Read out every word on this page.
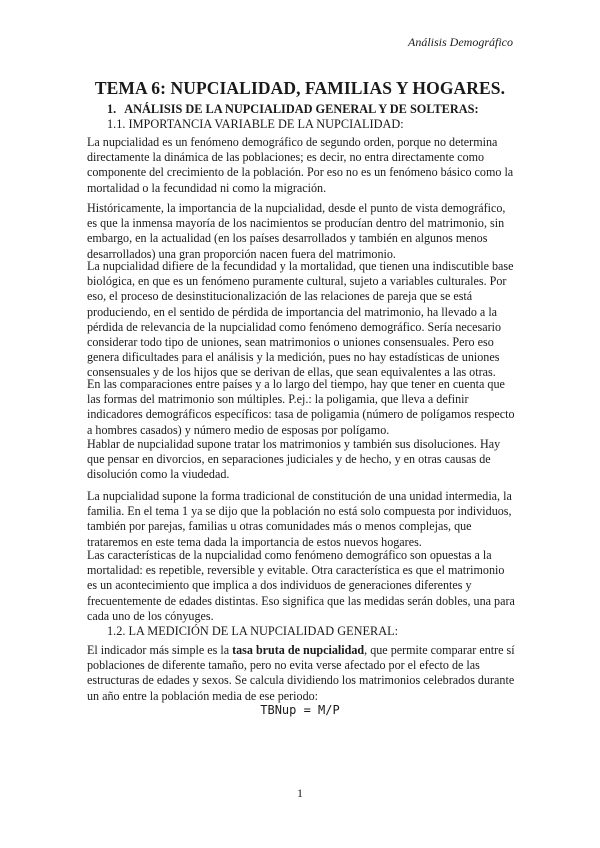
Análisis Demográfico
TEMA 6: NUPCIALIDAD, FAMILIAS Y HOGARES.
1. ANÁLISIS DE LA NUPCIALIDAD GENERAL Y DE SOLTERAS:
1.1. IMPORTANCIA VARIABLE DE LA NUPCIALIDAD:

La nupcialidad es un fenómeno demográfico de segundo orden, porque no determina directamente la dinámica de las poblaciones; es decir, no entra directamente como componente del crecimiento de la población. Por eso no es un fenómeno básico como la mortalidad o la fecundidad ni como la migración.

Históricamente, la importancia de la nupcialidad, desde el punto de vista demográfico, es que la inmensa mayoría de los nacimientos se producían dentro del matrimonio, sin embargo, en la actualidad (en los países desarrollados y también en algunos menos desarrollados) una gran proporción nacen fuera del matrimonio.

La nupcialidad difiere de la fecundidad y la mortalidad, que tienen una indiscutible base biológica, en que es un fenómeno puramente cultural, sujeto a variables culturales. Por eso, el proceso de desinstitucionalización de las relaciones de pareja que se está produciendo, en el sentido de pérdida de importancia del matrimonio, ha llevado a la pérdida de relevancia de la nupcialidad como fenómeno demográfico. Sería necesario considerar todo tipo de uniones, sean matrimonios o uniones consensuales. Pero eso genera dificultades para el análisis y la medición, pues no hay estadísticas de uniones consensuales y de los hijos que se derivan de ellas, que sean equivalentes a las otras.

En las comparaciones entre países y a lo largo del tiempo, hay que tener en cuenta que las formas del matrimonio son múltiples. P.ej.: la poligamia, que lleva a definir indicadores demográficos específicos: tasa de poligamia (número de polígamos respecto a hombres casados) y número medio de esposas por polígamo.

Hablar de nupcialidad supone tratar los matrimonios y también sus disoluciones. Hay que pensar en divorcios, en separaciones judiciales y de hecho, y en otras causas de disolución como la viudedad.

La nupcialidad supone la forma tradicional de constitución de una unidad intermedia, la familia. En el tema 1 ya se dijo que la población no está solo compuesta por individuos, también por parejas, familias u otras comunidades más o menos complejas, que trataremos en este tema dada la importancia de estos nuevos hogares.

Las características de la nupcialidad como fenómeno demográfico son opuestas a la mortalidad: es repetible, reversible y evitable. Otra característica es que el matrimonio es un acontecimiento que implica a dos individuos de generaciones diferentes y frecuentemente de edades distintas. Eso significa que las medidas serán dobles, una para cada uno de los cónyuges.

1.2. LA MEDICIÓN DE LA NUPCIALIDAD GENERAL:

El indicador más simple es la tasa bruta de nupcialidad, que permite comparar entre sí poblaciones de diferente tamaño, pero no evita verse afectado por el efecto de las estructuras de edades y sexos. Se calcula dividiendo los matrimonios celebrados durante un año entre la población media de ese periodo:

TBNup = M/P
1
